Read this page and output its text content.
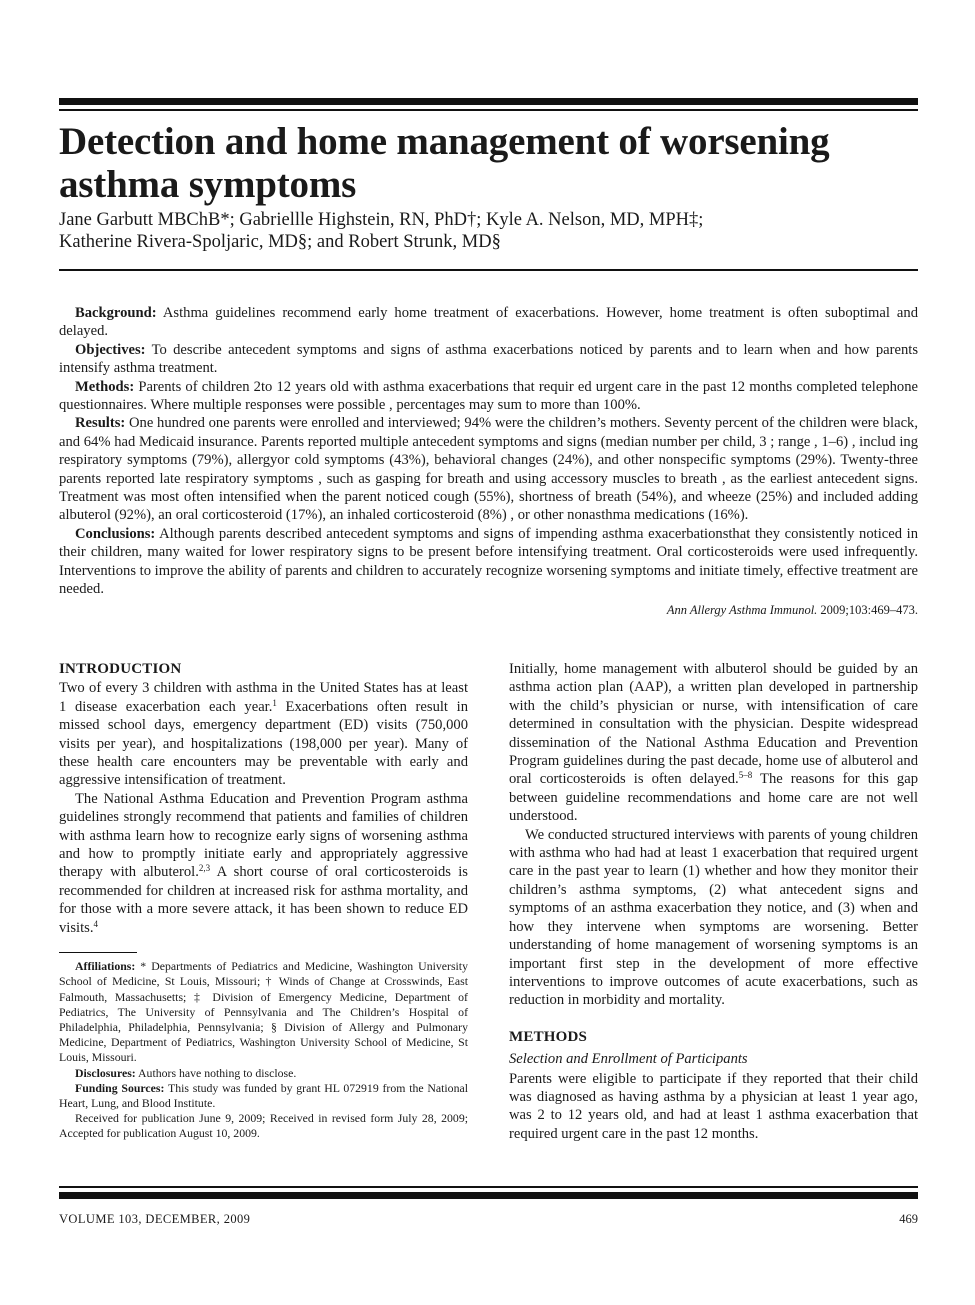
Detection and home management of worsening asthma symptoms
Jane Garbutt MBChB*; Gabriellle Highstein, RN, PhD†; Kyle A. Nelson, MD, MPH‡;
Katherine Rivera-Spoljaric, MD§; and Robert Strunk, MD§

Background: Asthma guidelines recommend early home treatment of exacerbations. However, home treatment is often suboptimal and delayed.

Objectives: To describe antecedent symptoms and signs of asthma exacerbations noticed by parents and to learn when and how parents intensify asthma treatment.

Methods: Parents of children 2to 12 years old with asthma exacerbations that requir ed urgent care in the past 12 months completed telephone questionnaires. Where multiple responses were possible , percentages may sum to more than 100%.

Results: One hundred one parents were enrolled and interviewed; 94% were the children’s mothers. Seventy percent of the children were black, and 64% had Medicaid insurance. Parents reported multiple antecedent symptoms and signs (median number per child, 3 ; range , 1–6) , includ ing respiratory symptoms (79%), allergyor cold symptoms (43%), behavioral changes (24%), and other nonspecific symptoms (29%). Twenty-three parents reported late respiratory symptoms , such as gasping for breath and using accessory muscles to breath , as the earliest antecedent signs. Treatment was most often intensified when the parent noticed cough (55%), shortness of breath (54%), and wheeze (25%) and included adding albuterol (92%), an oral corticosteroid (17%), an inhaled corticosteroid (8%) , or other nonasthma medications (16%).

Conclusions: Although parents described antecedent symptoms and signs of impending asthma exacerbationsthat they consistently noticed in their children, many waited for lower respiratory signs to be present before intensifying treatment. Oral corticosteroids were used infrequently. Interventions to improve the ability of parents and children to accurately recognize worsening symptoms and initiate timely, effective treatment are needed.

Ann Allergy Asthma Immunol. 2009;103:469–473.
INTRODUCTION

Two of every 3 children with asthma in the United States has at least 1 disease exacerbation each year.$^1$ Exacerbations often result in missed school days, emergency department (ED) visits (750,000 visits per year), and hospitalizations (198,000 per year). Many of these health care encounters may be preventable with early and aggressive intensification of treatment.

The National Asthma Education and Prevention Program asthma guidelines strongly recommend that patients and families of children with asthma learn how to recognize early signs of worsening asthma and how to promptly initiate early and appropriately aggressive therapy with albuterol.$^{2,3}$ A short course of oral corticosteroids is recommended for children at increased risk for asthma mortality, and for those with a more severe attack, it has been shown to reduce ED visits.$^4$

Affiliations: * Departments of Pediatrics and Medicine, Washington University School of Medicine, St Louis, Missouri; † Winds of Change at Crosswinds, East Falmouth, Massachusetts; ‡ Division of Emergency Medicine, Department of Pediatrics, The University of Pennsylvania and The Children’s Hospital of Philadelphia, Philadelphia, Pennsylvania; § Division of Allergy and Pulmonary Medicine, Department of Pediatrics, Washington University School of Medicine, St Louis, Missouri.

Disclosures: Authors have nothing to disclose.

Funding Sources: This study was funded by grant HL 072919 from the National Heart, Lung, and Blood Institute.

Received for publication June 9, 2009; Received in revised form July 28, 2009; Accepted for publication August 10, 2009.

Initially, home management with albuterol should be guided by an asthma action plan (AAP), a written plan developed in partnership with the child’s physician or nurse, with intensification of care determined in consultation with the physician. Despite widespread dissemination of the National Asthma Education and Prevention Program guidelines during the past decade, home use of albuterol and oral corticosteroids is often delayed.$^{5-8}$ The reasons for this gap between guideline recommendations and home care are not well understood.

We conducted structured interviews with parents of young children with asthma who had had at least 1 exacerbation that required urgent care in the past year to learn (1) whether and how they monitor their children’s asthma symptoms, (2) what antecedent signs and symptoms of an asthma exacerbation they notice, and (3) when and how they intervene when symptoms are worsening. Better understanding of home management of worsening symptoms is an important first step in the development of more effective interventions to improve outcomes of acute exacerbations, such as reduction in morbidity and mortality.

METHODS
Selection and Enrollment of Participants

Parents were eligible to participate if they reported that their child was diagnosed as having asthma by a physician at least 1 year ago, was 2 to 12 years old, and had at least 1 asthma exacerbation that required urgent care in the past 12 months.

VOLUME 103, DECEMBER, 2009	469
